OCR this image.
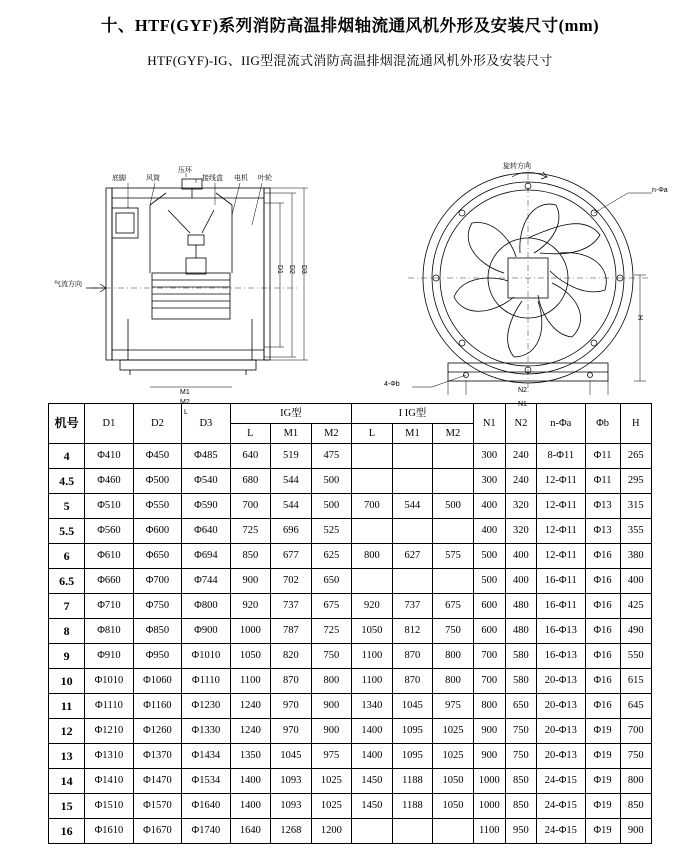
十、HTF(GYF)系列消防高温排烟轴流通风机外形及安装尺寸(mm)
HTF(GYF)-IG、IIG型混流式消防高温排烟混流通风机外形及安装尺寸
底脚	风筒
压环
接线盒 电机 叶轮
气流方向
D1 D2 D3
M1
M2
L
旋转方向
n-Φa
4-Φb
N2
N1
H
机号	D1	D2	D3	IG型			I IG型			N1	N2	n-Φa	Φb	H
				L	M1	M2	L	M1	M2					
4	Φ410	Φ450	Φ485	640	519	475				300	240	8-Φ11	Φ11	265
4.5	Φ460	Φ500	Φ540	680	544	500				300	240	12-Φ11	Φ11	295
5	Φ510	Φ550	Φ590	700	544	500	700	544	500	400	320	12-Φ11	Φ13	315
5.5	Φ560	Φ600	Φ640	725	696	525				400	320	12-Φ11	Φ13	355
6	Φ610	Φ650	Φ694	850	677	625	800	627	575	500	400	12-Φ11	Φ16	380
6.5	Φ660	Φ700	Φ744	900	702	650				500	400	16-Φ11	Φ16	400
7	Φ710	Φ750	Φ800	920	737	675	920	737	675	600	480	16-Φ11	Φ16	425
8	Φ810	Φ850	Φ900	1000	787	725	1050	812	750	600	480	16-Φ13	Φ16	490
9	Φ910	Φ950	Φ1010	1050	820	750	1100	870	800	700	580	16-Φ13	Φ16	550
10	Φ1010	Φ1060	Φ1110	1100	870	800	1100	870	800	700	580	20-Φ13	Φ16	615
11	Φ1110	Φ1160	Φ1230	1240	970	900	1340	1045	975	800	650	20-Φ13	Φ16	645
12	Φ1210	Φ1260	Φ1330	1240	970	900	1400	1095	1025	900	750	20-Φ13	Φ19	700
13	Φ1310	Φ1370	Φ1434	1350	1045	975	1400	1095	1025	900	750	20-Φ13	Φ19	750
14	Φ1410	Φ1470	Φ1534	1400	1093	1025	1450	1188	1050	1000	850	24-Φ15	Φ19	800
15	Φ1510	Φ1570	Φ1640	1400	1093	1025	1450	1188	1050	1000	850	24-Φ15	Φ19	850
16	Φ1610	Φ1670	Φ1740	1640	1268	1200				1100	950	24-Φ15	Φ19	900
